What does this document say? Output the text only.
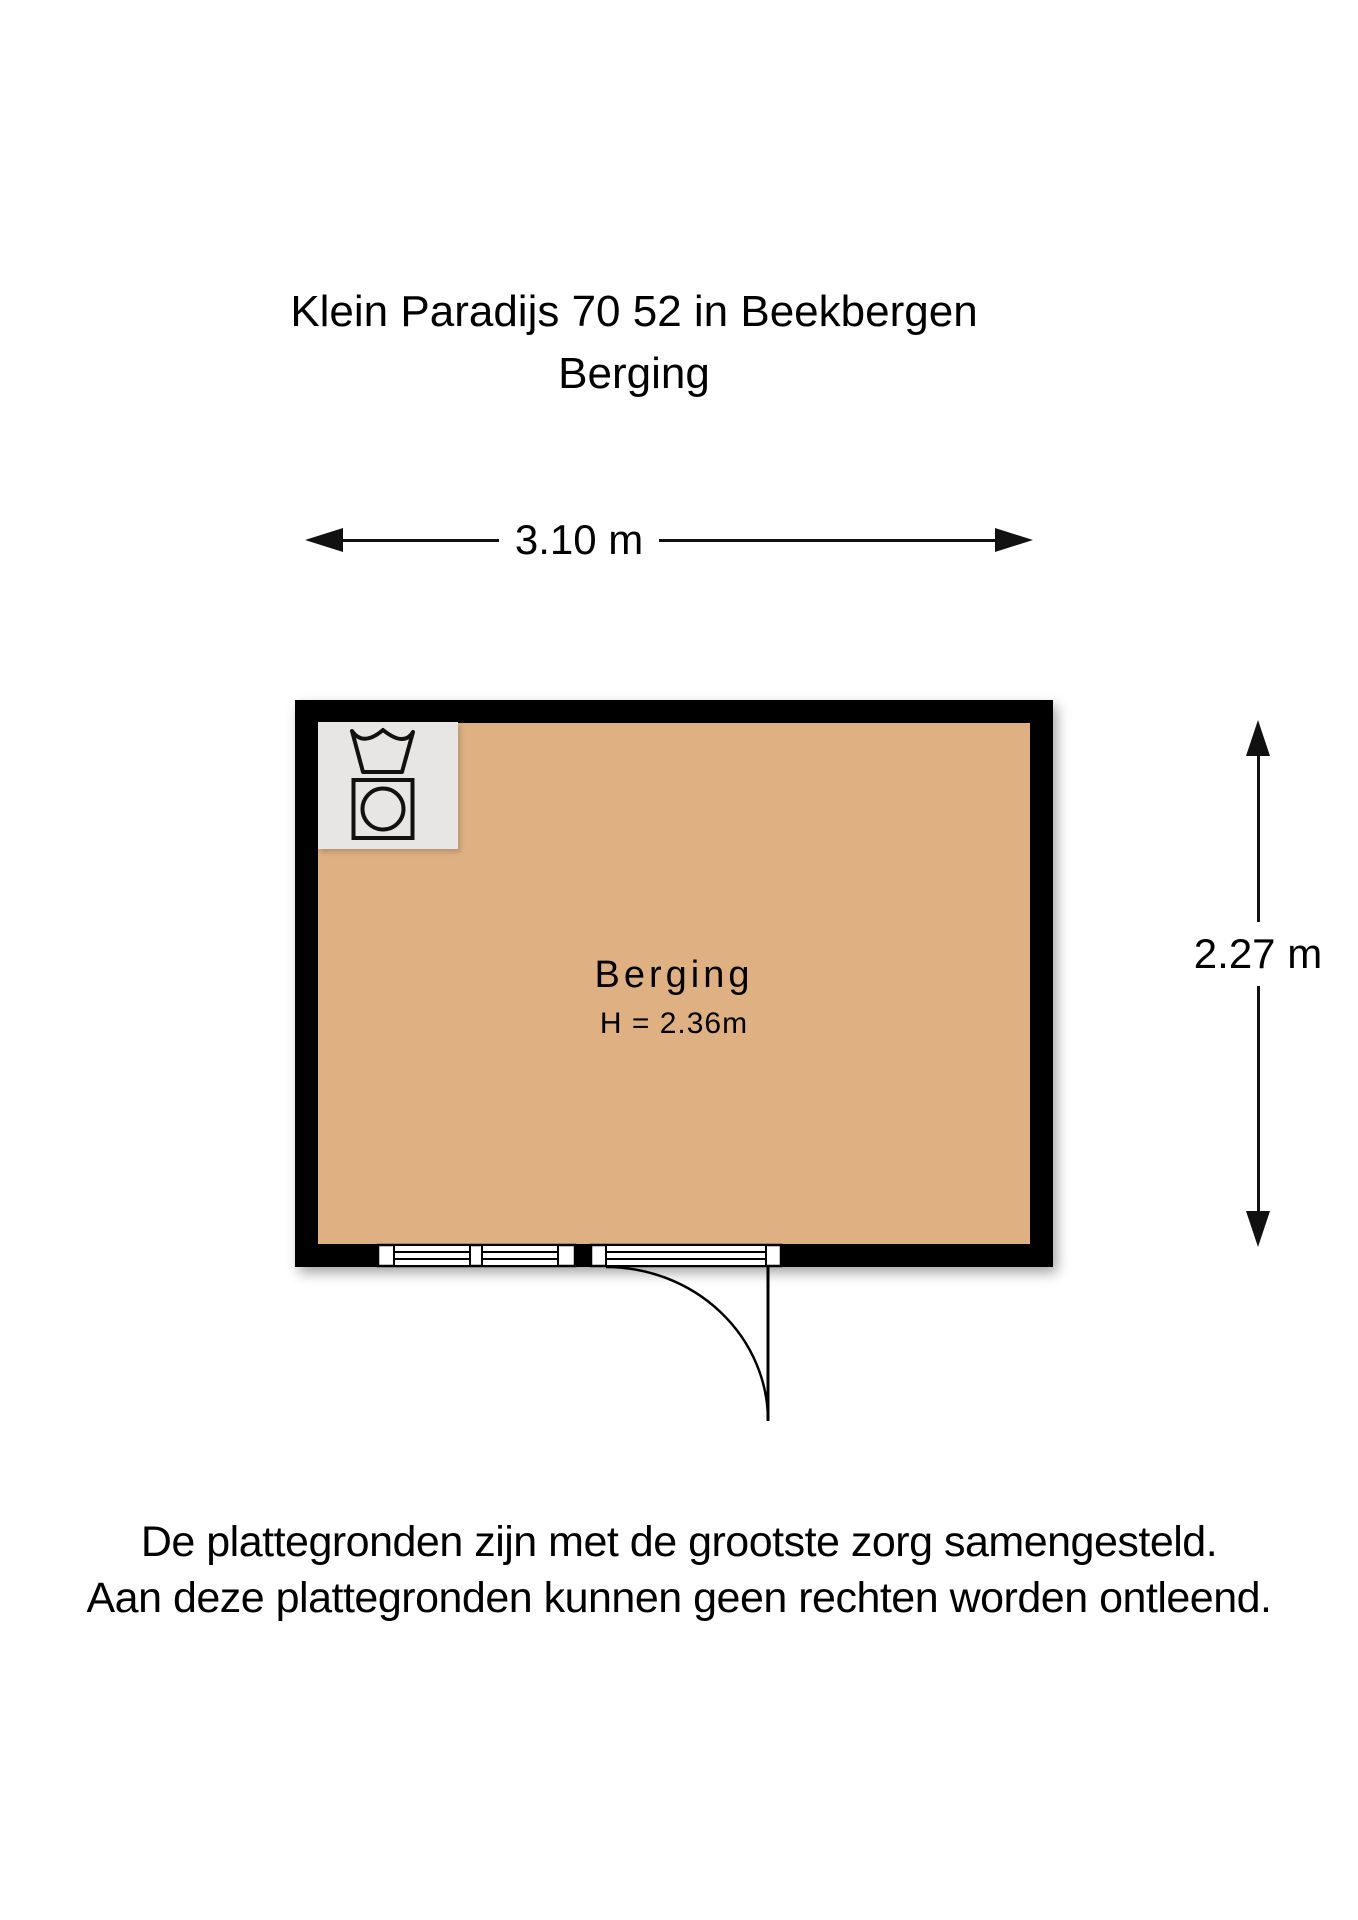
Klein Paradijs 70 52 in Beekbergen
Berging
3.10 m
Berging
H = 2.36m
2.27 m
De plattegronden zijn met de grootste zorg samengesteld.
Aan deze plattegronden kunnen geen rechten worden ontleend.
